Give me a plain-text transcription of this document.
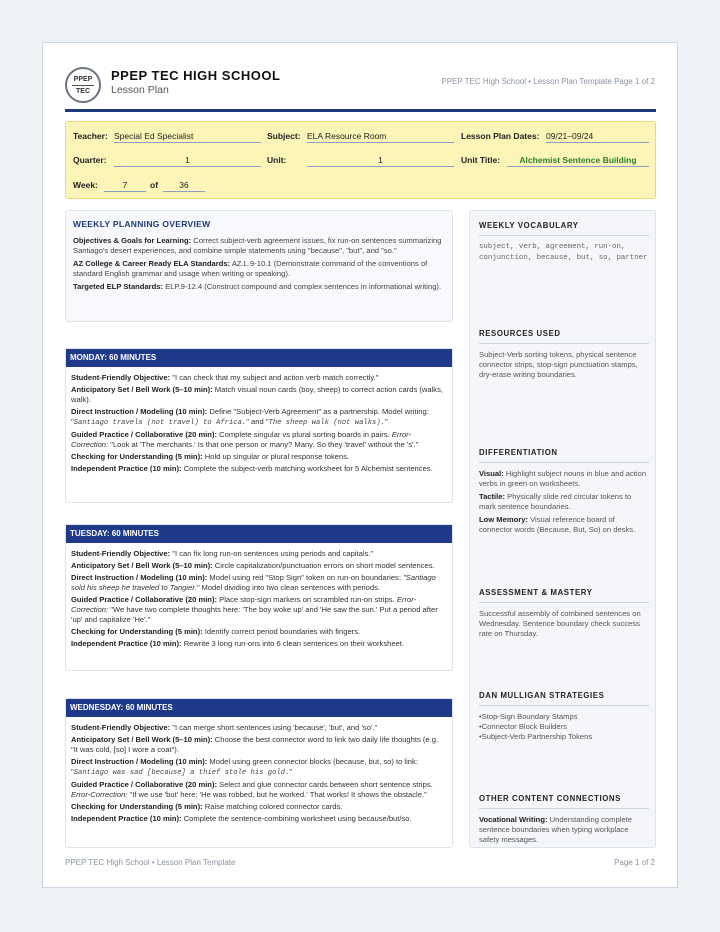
PPEP
TEC
PPEP TEC HIGH SCHOOL
Lesson Plan
PPEP TEC High School • Lesson Plan Template Page 1 of 2
Teacher: Special Ed Specialist	Subject: ELA Resource Room	Lesson Plan Dates: 09/21–09/24
Quarter:	1	Unit:	1	Unit Title:	Alchemist Sentence Building
Week:	7	of	36
WEEKLY PLANNING OVERVIEW

Objectives & Goals for Learning: Correct subject-verb agreement issues, fix run-on sentences summarizing Santiago's desert experiences, and combine simple statements using "because", "but", and "so."

AZ College & Career Ready ELA Standards: AZ.L.9-10.1 (Demonstrate command of the conventions of standard English grammar and usage when writing or speaking).

Targeted ELP Standards: ELP.9-12.4 (Construct compound and complex sentences in informational writing).

MONDAY: 60 MINUTES
Student-Friendly Objective: "I can check that my subject and action verb match correctly."
Anticipatory Set / Bell Work (5–10 min): Match visual noun cards (boy, sheep) to correct action cards (walks, walk).
Direct Instruction / Modeling (10 min): Define "Subject-Verb Agreement" as a partnership. Model writing: "Santiago travels (not travel) to Africa." and "The sheep walk (not walks)."
Guided Practice / Collaborative (20 min): Complete singular vs plural sorting boards in pairs. Error-Correction: "Look at 'The merchants.' Is that one person or many? Many. So they 'travel' without the 's'."
Checking for Understanding (5 min): Hold up singular or plural response tokens.
Independent Practice (10 min): Complete the subject-verb matching worksheet for 5 Alchemist sentences.
TUESDAY: 60 MINUTES
Student-Friendly Objective: "I can fix long run-on sentences using periods and capitals."
Anticipatory Set / Bell Work (5–10 min): Circle capitalization/punctuation errors on short model sentences.
Direct Instruction / Modeling (10 min): Model using red "Stop Sign" token on run-on boundaries: "Santiago sold his sheep he traveled to Tangier." Model dividing into two clean sentences with periods.
Guided Practice / Collaborative (20 min): Place stop-sign markers on scrambled run-on strips. Error-Correction: "We have two complete thoughts here: 'The boy woke up' and 'He saw the sun.' Put a period after 'up' and capitalize 'He'."
Checking for Understanding (5 min): Identify correct period boundaries with fingers.
Independent Practice (10 min): Rewrite 3 long run-ons into 6 clean sentences on their worksheet.
WEDNESDAY: 60 MINUTES
Student-Friendly Objective: "I can merge short sentences using 'because', 'but', and 'so'."
Anticipatory Set / Bell Work (5–10 min): Choose the best connector word to link two daily life thoughts (e.g. "It was cold, [so] I wore a coat").
Direct Instruction / Modeling (10 min): Model using green connector blocks (because, but, so) to link: "Santiago was sad [because] a thief stole his gold."
Guided Practice / Collaborative (20 min): Select and glue connector cards between short sentence strips. Error-Correction: "If we use 'but' here: 'He was robbed, but he worked.' That works! It shows the obstacle."
Checking for Understanding (5 min): Raise matching colored connector cards.
Independent Practice (10 min): Complete the sentence-combining worksheet using because/but/so.
WEEKLY VOCABULARY
subject, verb, agreement, run-on, conjunction, because, but, so, partner
RESOURCES USED

Subject-Verb sorting tokens, physical sentence connector strips, stop-sign punctuation stamps, dry-erase writing boundaries.

DIFFERENTIATION

Visual: Highlight subject nouns in blue and action verbs in green on worksheets.

Tactile: Physically slide red circular tokens to mark sentence boundaries.

Low Memory: Visual reference board of connector words (Because, But, So) on desks.

ASSESSMENT & MASTERY

Successful assembly of combined sentences on Wednesday. Sentence boundary check success rate on Thursday.

DAN MULLIGAN STRATEGIES
• Stop-Sign Boundary Stamps
• Connector Block Builders
• Subject-Verb Partnership Tokens
OTHER CONTENT CONNECTIONS

Vocational Writing: Understanding complete sentence boundaries when typing workplace safety messages.

PPEP TEC High School • Lesson Plan Template	Page 1 of 2
